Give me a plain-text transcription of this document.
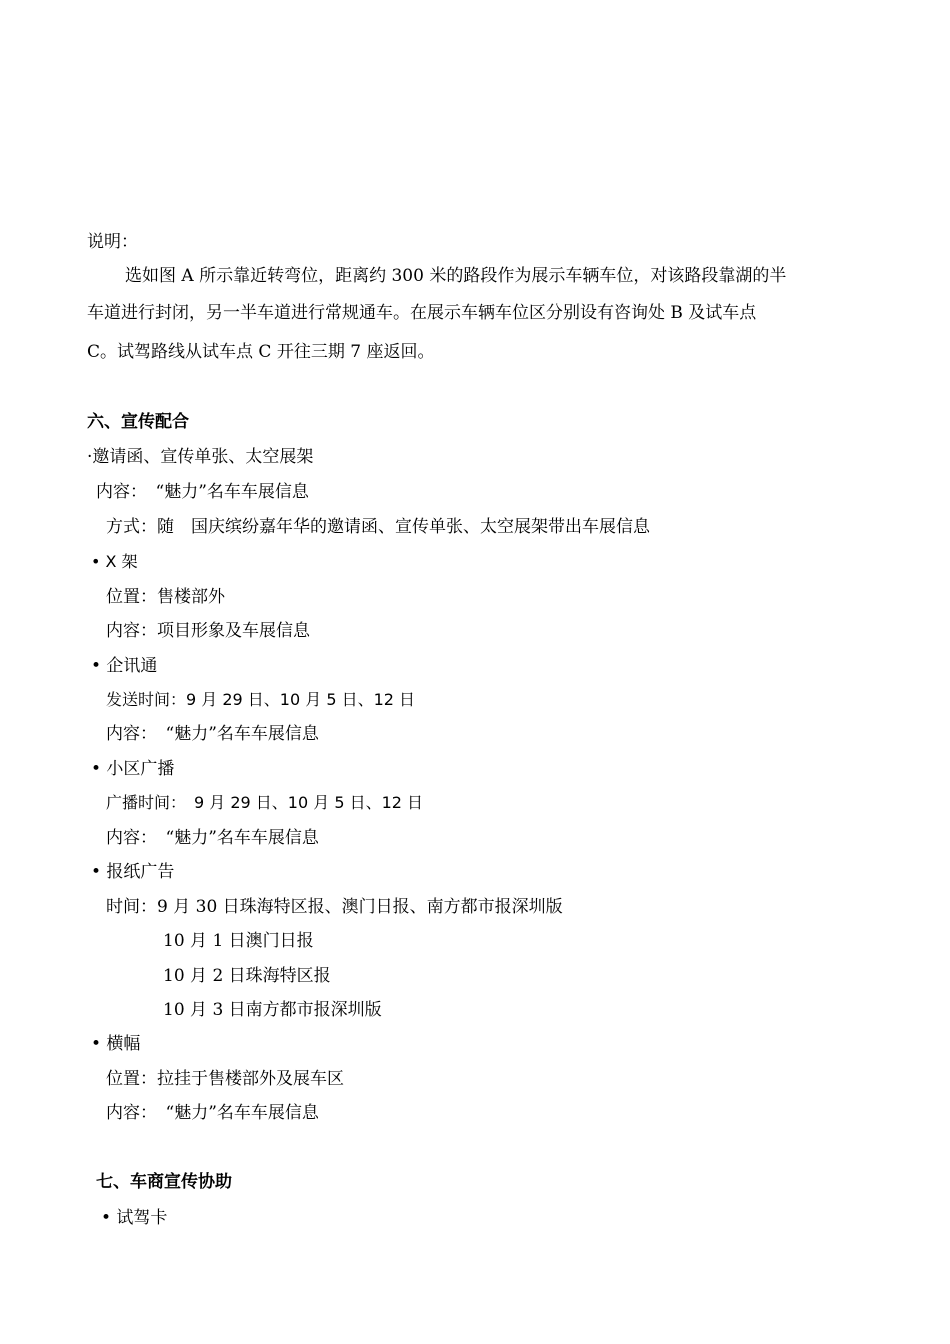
说明：
选如图 A 所示靠近转弯位，距离约 300 米的路段作为展示车辆车位，对该路段靠湖的半
车道进行封闭，另一半车道进行常规通车。在展示车辆车位区分别设有咨询处 B 及试车点
C。试驾路线从试车点 C 开往三期 7 座返回。
六、宣传配合
·邀请函、宣传单张、太空展架
内容：　“魅力”名车车展信息
方式：随　国庆缤纷嘉年华的邀请函、宣传单张、太空展架带出车展信息
• X 架
位置：售楼部外
内容：项目形象及车展信息
• 企讯通
发送时间：9 月 29 日、10 月 5 日、12 日
内容：　“魅力”名车车展信息
• 小区广播
广播时间：　9 月 29 日、10 月 5 日、12 日
内容：　“魅力”名车车展信息
• 报纸广告
时间：9 月 30 日珠海特区报、澳门日报、南方都市报深圳版
10 月 1 日澳门日报
10 月 2 日珠海特区报
10 月 3 日南方都市报深圳版
• 横幅
位置：拉挂于售楼部外及展车区
内容：　“魅力”名车车展信息
七、车商宣传协助
• 试驾卡
